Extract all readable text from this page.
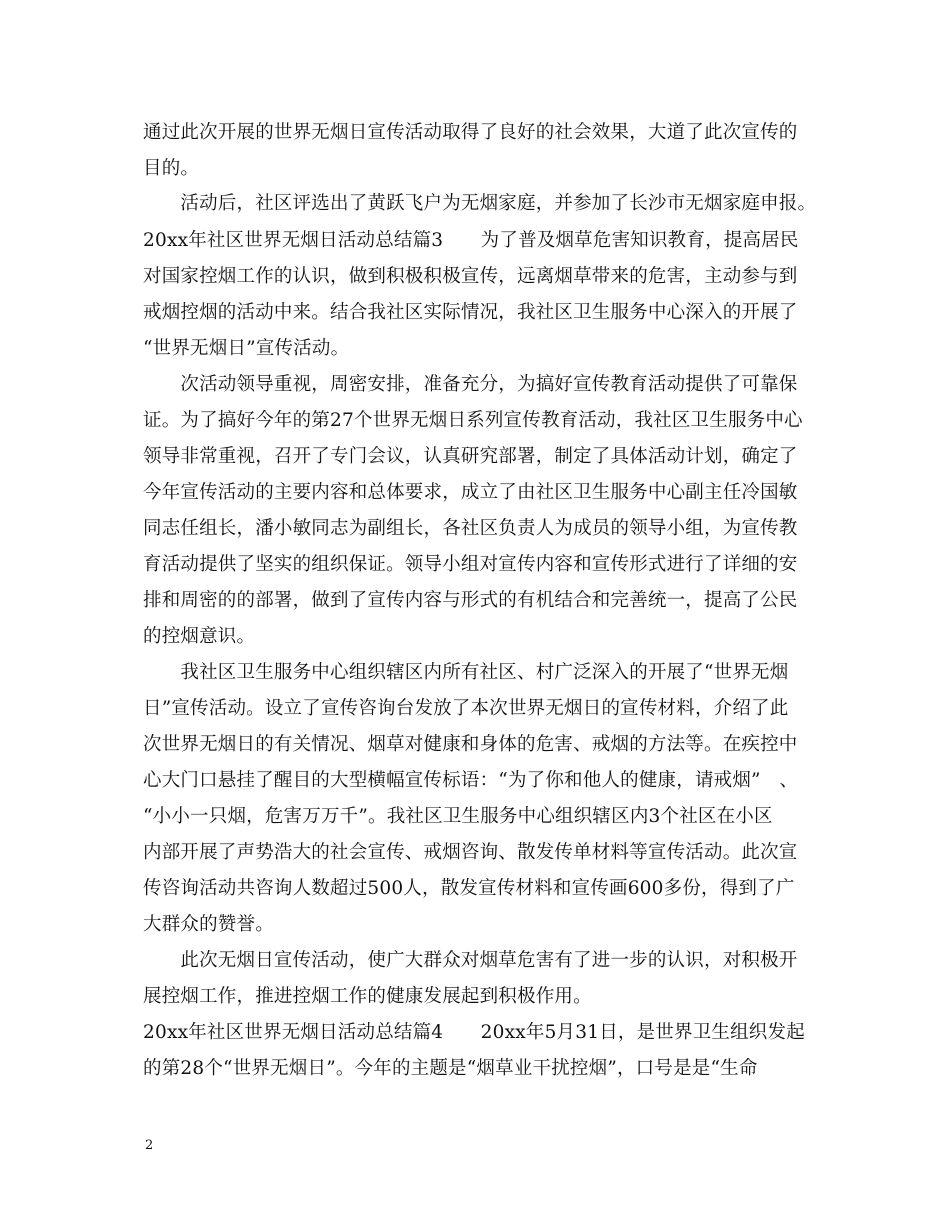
通过此次开展的世界无烟日宣传活动取得了良好的社会效果，大道了此次宣传的
目的。
　　活动后，社区评选出了黄跃飞户为无烟家庭，并参加了长沙市无烟家庭申报。
20xx年社区世界无烟日活动总结篇3　　为了普及烟草危害知识教育，提高居民
对国家控烟工作的认识，做到积极积极宣传，远离烟草带来的危害，主动参与到
戒烟控烟的活动中来。结合我社区实际情况，我社区卫生服务中心深入的开展了
“世界无烟日”宣传活动。
　　次活动领导重视，周密安排，准备充分，为搞好宣传教育活动提供了可靠保
证。为了搞好今年的第27个世界无烟日系列宣传教育活动，我社区卫生服务中心
领导非常重视，召开了专门会议，认真研究部署，制定了具体活动计划，确定了
今年宣传活动的主要内容和总体要求，成立了由社区卫生服务中心副主任冷国敏
同志任组长，潘小敏同志为副组长，各社区负责人为成员的领导小组，为宣传教
育活动提供了坚实的组织保证。领导小组对宣传内容和宣传形式进行了详细的安
排和周密的的部署，做到了宣传内容与形式的有机结合和完善统一，提高了公民
的控烟意识。
　　我社区卫生服务中心组织辖区内所有社区、村广泛深入的开展了“世界无烟
日”宣传活动。设立了宣传咨询台发放了本次世界无烟日的宣传材料，介绍了此
次世界无烟日的有关情况、烟草对健康和身体的危害、戒烟的方法等。在疾控中
心大门口悬挂了醒目的大型横幅宣传标语：“为了你和他人的健康，请戒烟”　、
“小小一只烟，危害万万千”。我社区卫生服务中心组织辖区内3个社区在小区
内部开展了声势浩大的社会宣传、戒烟咨询、散发传单材料等宣传活动。此次宣
传咨询活动共咨询人数超过500人，散发宣传材料和宣传画600多份，得到了广
大群众的赞誉。
　　此次无烟日宣传活动，使广大群众对烟草危害有了进一步的认识，对积极开
展控烟工作，推进控烟工作的健康发展起到积极作用。
20xx年社区世界无烟日活动总结篇4　　20xx年5月31日，是世界卫生组织发起
的第28个“世界无烟日”。今年的主题是“烟草业干扰控烟”，口号是是“生命
2
